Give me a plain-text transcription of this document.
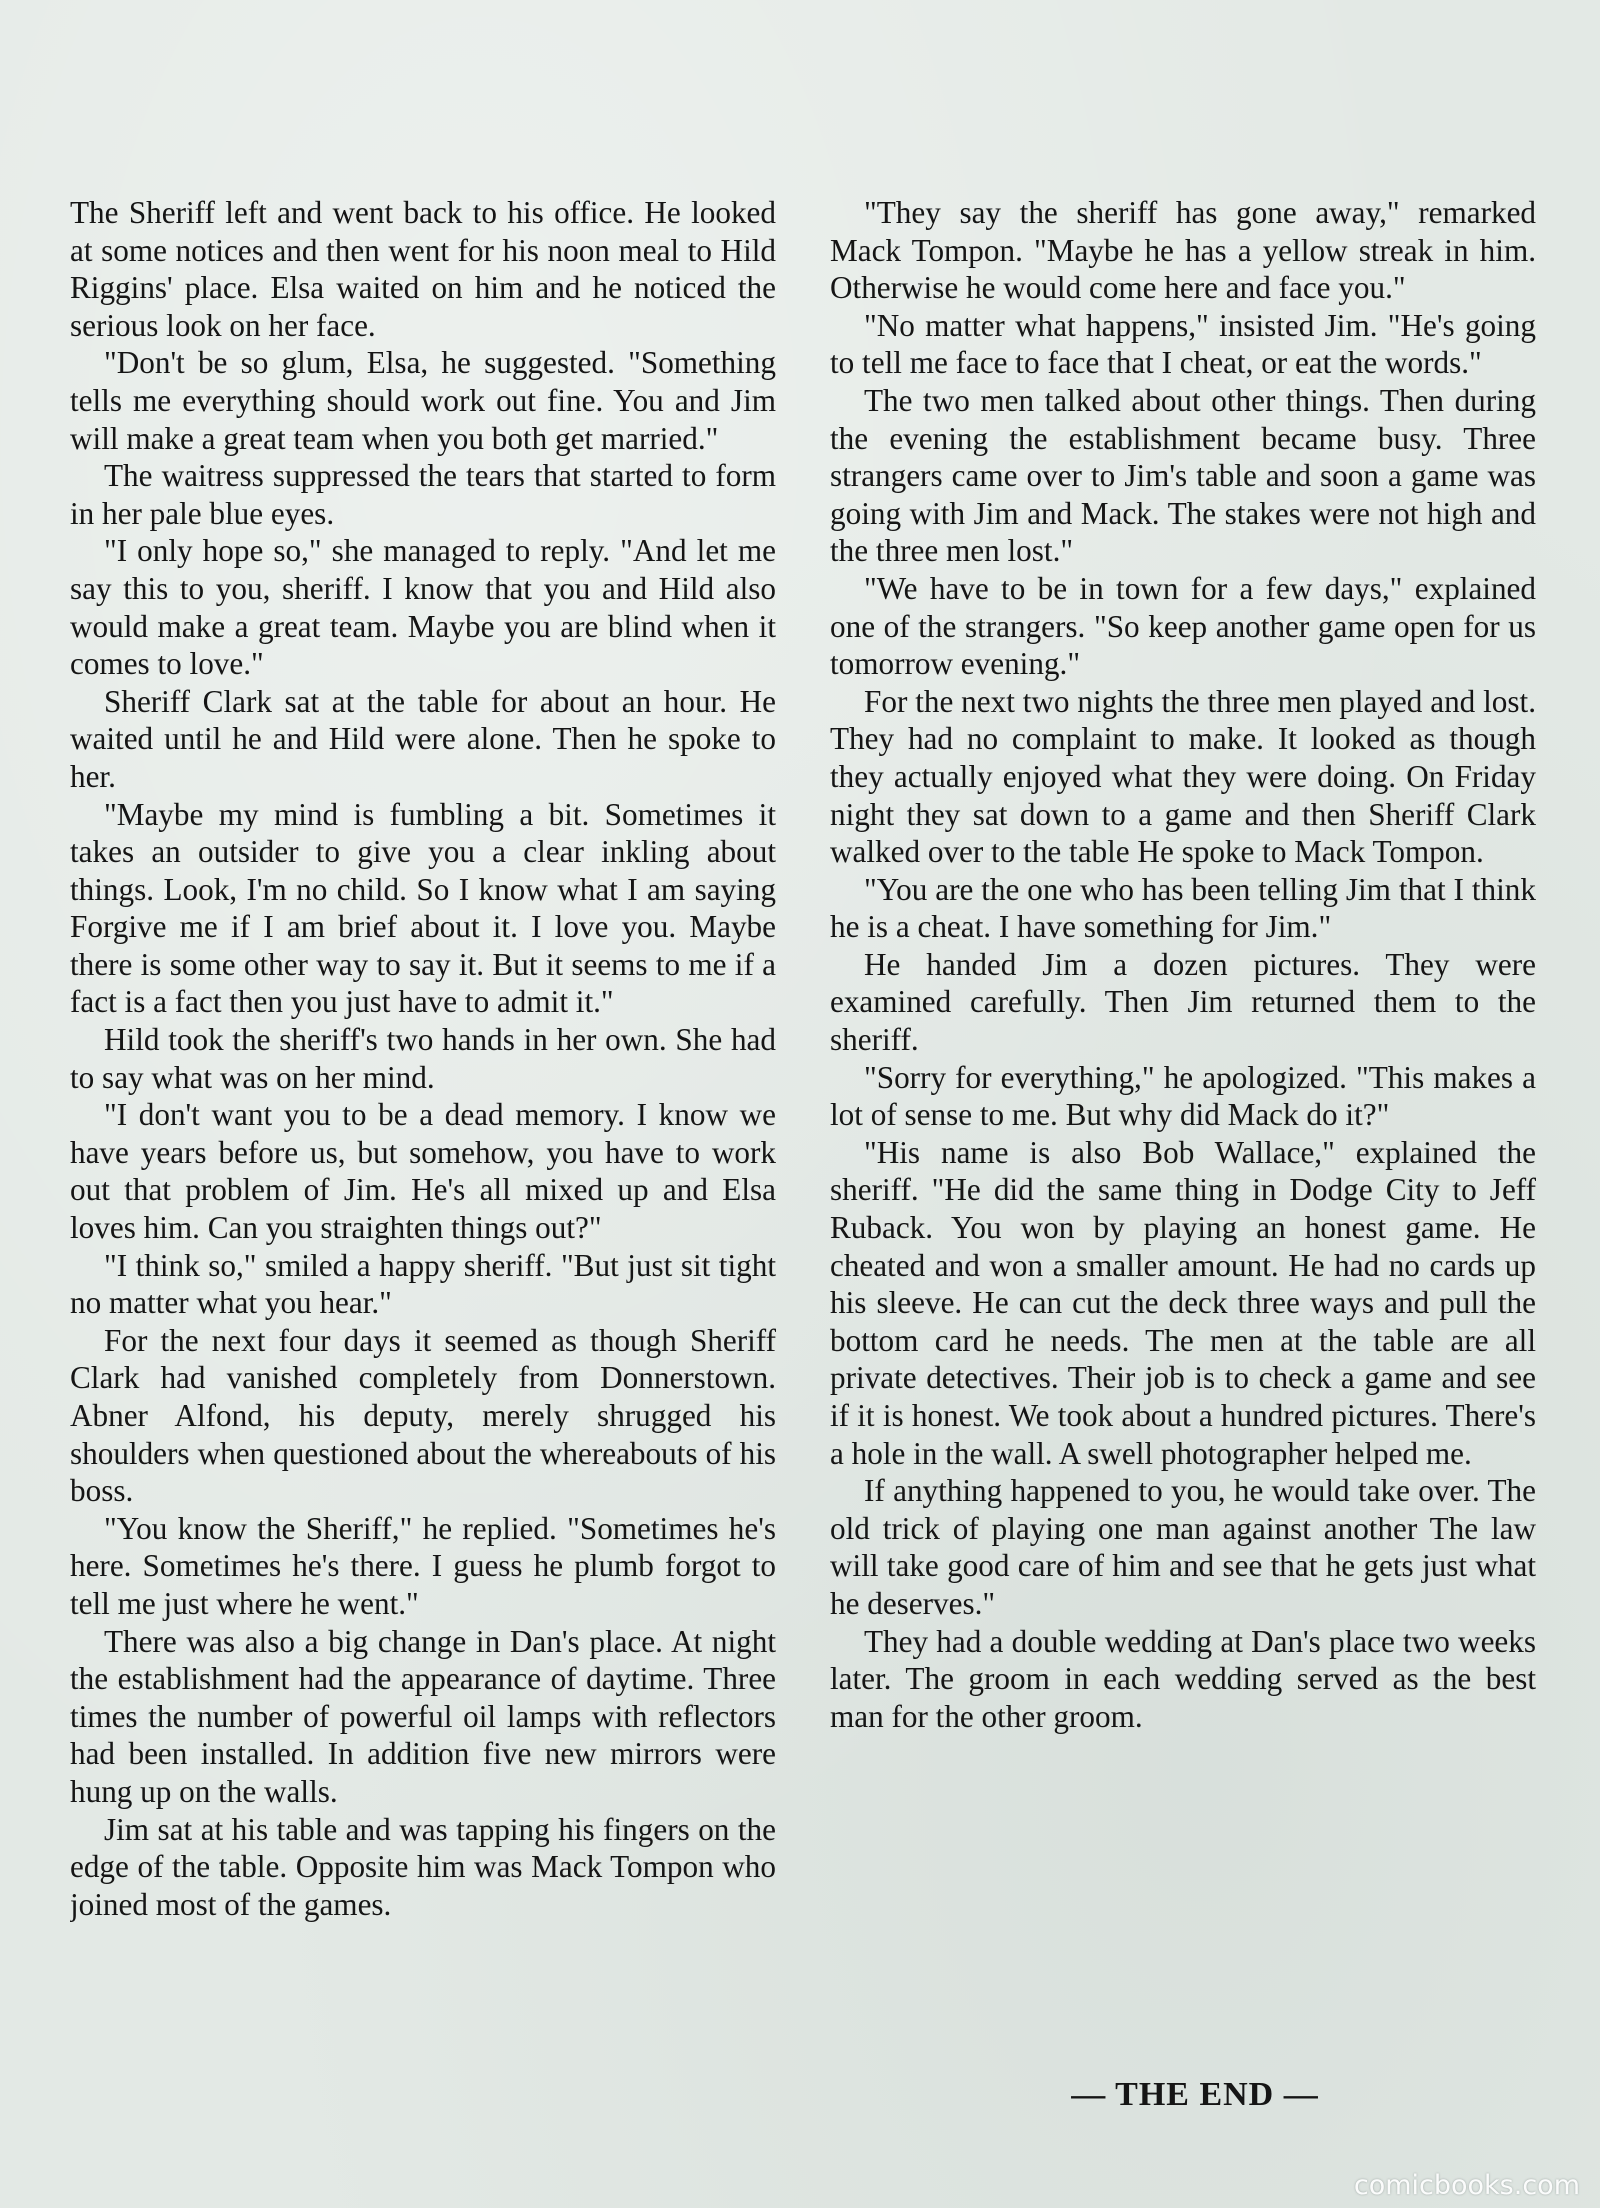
The Sheriff left and went back to his office. He looked at some notices and then went for his noon meal to Hild Riggins' place. Elsa waited on him and he noticed the serious look on her face.

"Don't be so glum, Elsa, he suggested. "Something tells me everything should work out fine. You and Jim will make a great team when you both get married."

The waitress suppressed the tears that started to form in her pale blue eyes.

"I only hope so," she managed to reply. "And let me say this to you, sheriff. I know that you and Hild also would make a great team. Maybe you are blind when it comes to love."

Sheriff Clark sat at the table for about an hour. He waited until he and Hild were alone. Then he spoke to her.

"Maybe my mind is fumbling a bit. Sometimes it takes an outsider to give you a clear inkling about things. Look, I'm no child. So I know what I am saying Forgive me if I am brief about it. I love you. Maybe there is some other way to say it. But it seems to me if a fact is a fact then you just have to admit it."

Hild took the sheriff's two hands in her own. She had to say what was on her mind.

"I don't want you to be a dead memory. I know we have years before us, but somehow, you have to work out that problem of Jim. He's all mixed up and Elsa loves him. Can you straighten things out?"

"I think so," smiled a happy sheriff. "But just sit tight no matter what you hear."

For the next four days it seemed as though Sheriff Clark had vanished completely from Donnerstown. Abner Alfond, his deputy, merely shrugged his shoulders when questioned about the whereabouts of his boss.

"You know the Sheriff," he replied. "Sometimes he's here. Sometimes he's there. I guess he plumb forgot to tell me just where he went."

There was also a big change in Dan's place. At night the establishment had the appearance of daytime. Three times the number of powerful oil lamps with reflectors had been installed. In addition five new mirrors were hung up on the walls.

Jim sat at his table and was tapping his fingers on the edge of the table. Opposite him was Mack Tompon who joined most of the games.

"They say the sheriff has gone away," remarked Mack Tompon. "Maybe he has a yellow streak in him. Otherwise he would come here and face you."

"No matter what happens," insisted Jim. "He's going to tell me face to face that I cheat, or eat the words."

The two men talked about other things. Then during the evening the establishment became busy. Three strangers came over to Jim's table and soon a game was going with Jim and Mack. The stakes were not high and the three men lost."

"We have to be in town for a few days," explained one of the strangers. "So keep another game open for us tomorrow evening."

For the next two nights the three men played and lost. They had no complaint to make. It looked as though they actually enjoyed what they were doing. On Friday night they sat down to a game and then Sheriff Clark walked over to the table He spoke to Mack Tompon.

"You are the one who has been telling Jim that I think he is a cheat. I have something for Jim."

He handed Jim a dozen pictures. They were examined carefully. Then Jim returned them to the sheriff.

"Sorry for everything," he apologized. "This makes a lot of sense to me. But why did Mack do it?"

"His name is also Bob Wallace," explained the sheriff. "He did the same thing in Dodge City to Jeff Ruback. You won by playing an honest game. He cheated and won a smaller amount. He had no cards up his sleeve. He can cut the deck three ways and pull the bottom card he needs. The men at the table are all private detectives. Their job is to check a game and see if it is honest. We took about a hundred pictures. There's a hole in the wall. A swell photographer helped me.

If anything happened to you, he would take over. The old trick of playing one man against another The law will take good care of him and see that he gets just what he deserves."

They had a double wedding at Dan's place two weeks later. The groom in each wedding served as the best man for the other groom.

— THE END —
comicbooks.com
